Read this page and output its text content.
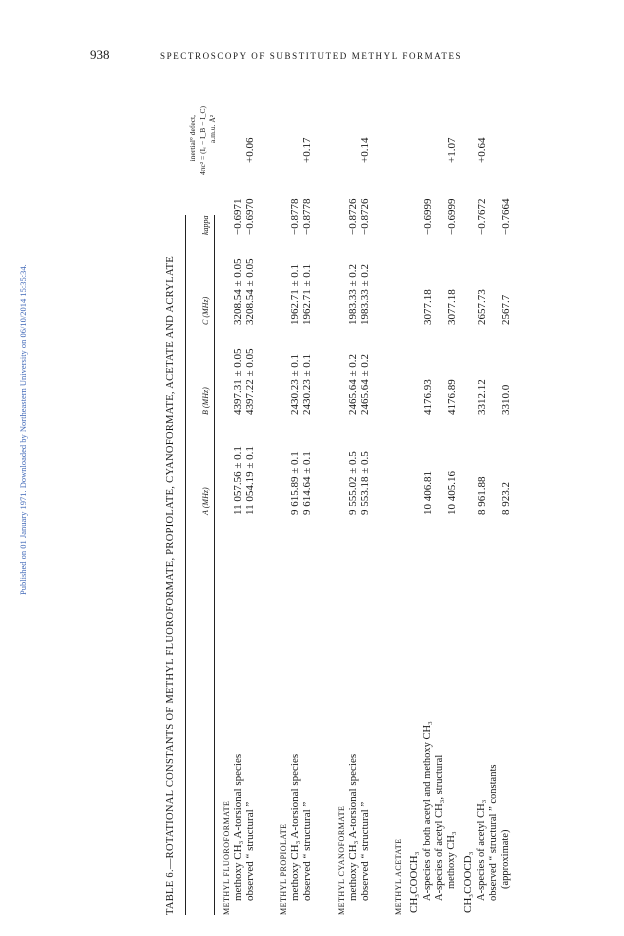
938	SPECTROSCOPY OF SUBSTITUTED METHYL FORMATES
Published on 01 January 1971. Downloaded by Northeastern University on 06/10/2014 15:35:34.
TABLE 6.—ROTATIONAL CONSTANTS OF METHYL FLUOROFORMATE, PROPIOLATE, CYANOFORMATE, ACETATE AND ACRYLATE	A (MHz)
B (MHz)
C (MHz)
kappa
inertial° defect, 4πc² = (Iₑ − I_B − I_C) a.m.u. Å²
METHYL FLUOROFORMATE methoxy CH₃ A-torsional species
11 057.56 ± 0.1
4397.31 ± 0.05
3208.54 ± 0.05
−0.6971
observed “ structural ”
11 054.19 ± 0.1
4397.22 ± 0.05
3208.54 ± 0.05
−0.6970
+0.06
METHYL PROPIOLATE methoxy CH₃ A-torsional species
9 615.89 ± 0.1
2430.23 ± 0.1
1962.71 ± 0.1
−0.8778
observed “ structural ”
9 614.64 ± 0.1
2430.23 ± 0.1
1962.71 ± 0.1
−0.8778
+0.17
METHYL CYANOFORMATE methoxy CH₃ A-torsional species
9 555.02 ± 0.5
2465.64 ± 0.2
1983.33 ± 0.2
−0.8726
observed “ structural ”
9 553.18 ± 0.5
2465.64 ± 0.2
1983.33 ± 0.2
−0.8726
+0.14
METHYL ACETATE CH₃COOCH₃ A-species of both acetyl and methoxy CH₃
10 406.81
4176.93
3077.18
−0.6999
A-species of acetyl CH₃, structural methoxy CH₃
10 405.16
4176.89
3077.18
−0.6999
+1.07
CH₃COOCD₃ A-species of acetyl CH₃
8 961.88
3312.12
2657.73
−0.7672
+0.64
observed “ structural ” constants (approximate)
8 923.2
3310.0
2567.7
−0.7664
